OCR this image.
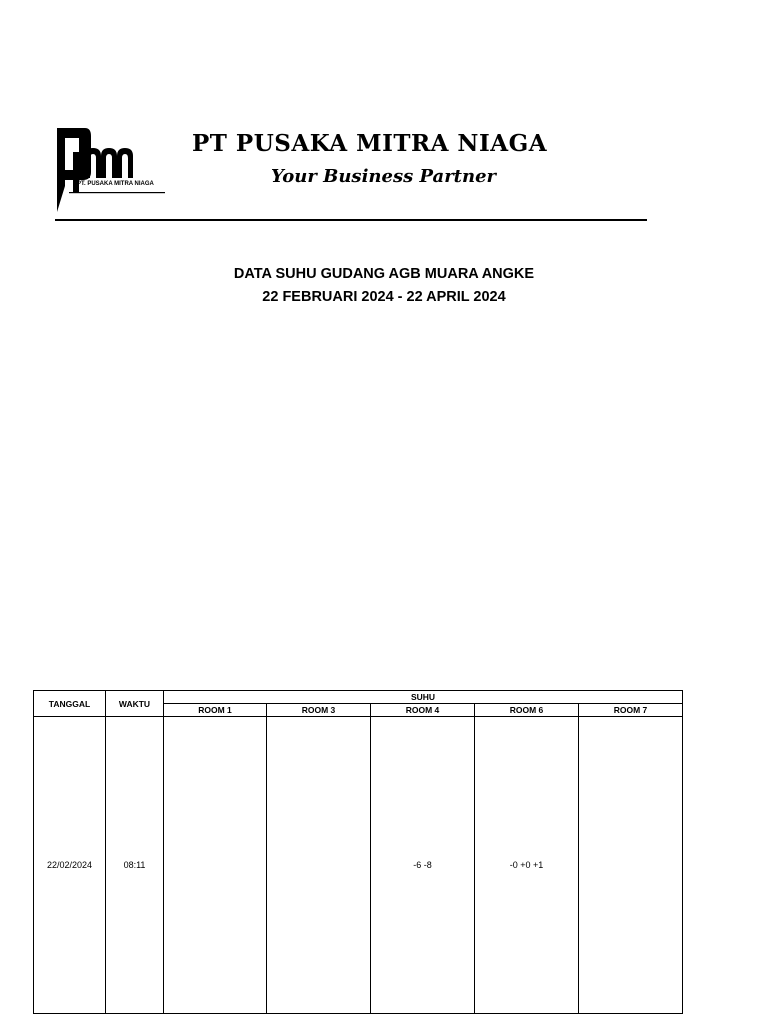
PT. PUSAKA MITRA NIAGA
PT PUSAKA MITRA NIAGA
Your Business Partner
DATA SUHU GUDANG AGB MUARA ANGKE
22 FEBRUARI 2024 - 22 APRIL 2024
TANGGAL	WAKTU	SUHU				
		ROOM 1	ROOM 3	ROOM 4	ROOM 6	ROOM 7
22/02/2024	08:11			-6 -8	-0 +0 +1	
